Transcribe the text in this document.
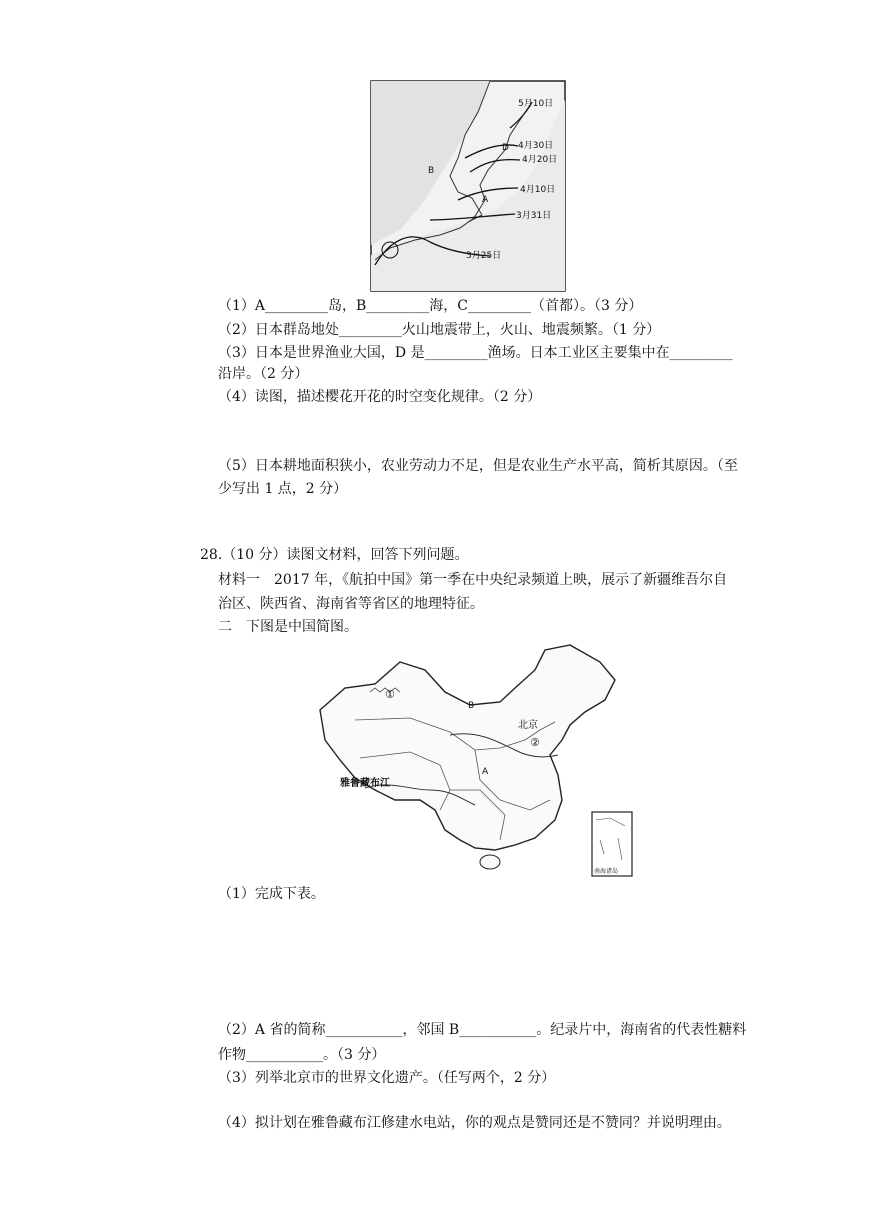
B
A
D
5月10日
4月30日
4月20日
4月10日
3月31日
3月25日
（1）A_________岛，B_________海，C_________（首都）。（3 分）
（2）日本群岛地处_________火山地震带上，火山、地震频繁。（1 分）
（3）日本是世界渔业大国，D 是_________渔场。日本工业区主要集中在_________
沿岸。（2 分）
（4）读图，描述樱花开花的时空变化规律。（2 分）
（5）日本耕地面积狭小，农业劳动力不足，但是农业生产水平高，简析其原因。（至
少写出 1 点，2 分）
28.（10 分）读图文材料，回答下列问题。
材料一　2017 年，《航拍中国》第一季在中央纪录频道上映，展示了新疆维吾尔自
治区、陕西省、海南省等省区的地理特征。
二　下图是中国简图。
①
B
北京
②
A
雅鲁藏布江
南海诸岛
（1）完成下表。
（2）A 省的简称___________，邻国 B___________。纪录片中，海南省的代表性糖料
作物___________。（3 分）
（3）列举北京市的世界文化遗产。（任写两个，2 分）
（4）拟计划在雅鲁藏布江修建水电站，你的观点是赞同还是不赞同？并说明理由。
